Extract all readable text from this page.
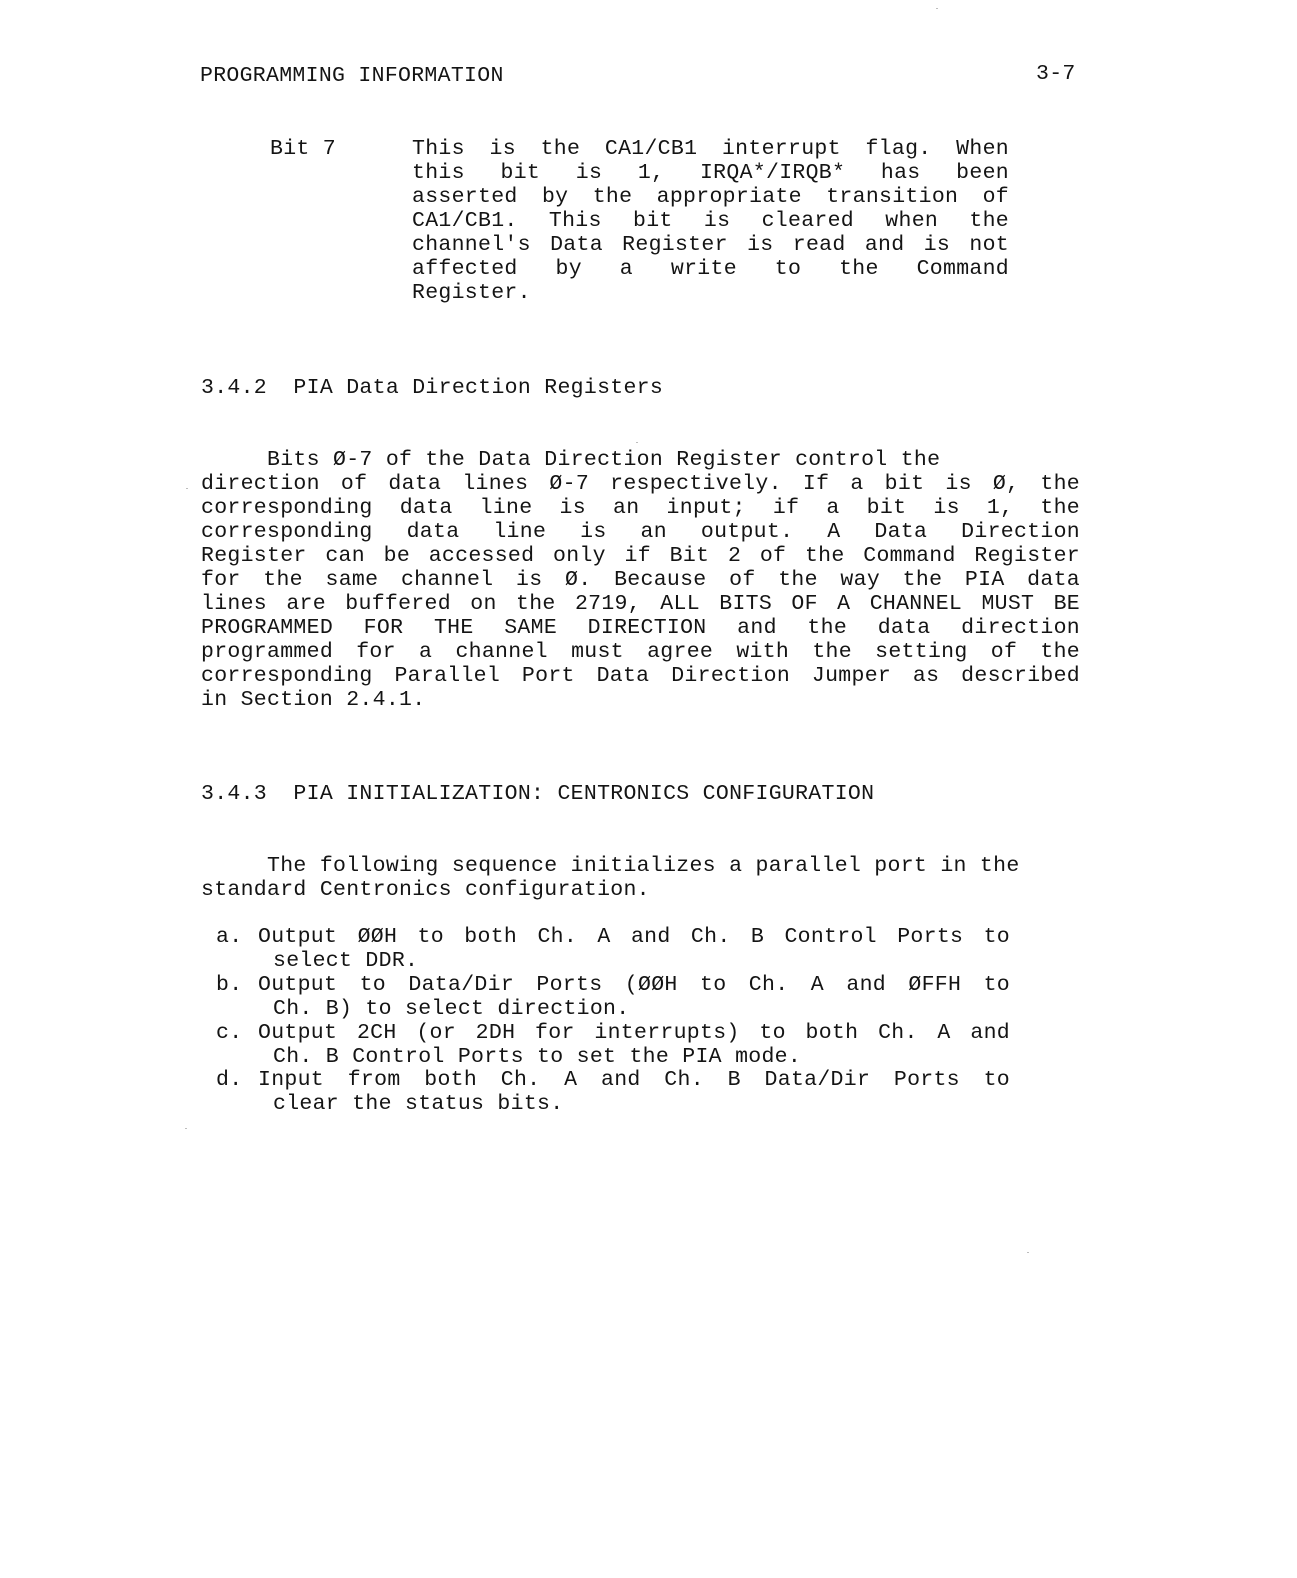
PROGRAMMING INFORMATION	3-7
Bit 7	This is the CA1/CB1 interrupt flag. When
this bit is 1, IRQA*/IRQB* has been
asserted by the appropriate transition of
CA1/CB1. This bit is cleared when the
channel's Data Register is read and is not
affected by a write to the Command
Register.
3.4.2  PIA Data Direction Registers
Bits Ø-7 of the Data Direction Register control the
direction of data lines Ø-7 respectively. If a bit is Ø, the
corresponding data line is an input; if a bit is 1, the
corresponding data line is an output. A Data Direction
Register can be accessed only if Bit 2 of the Command Register
for the same channel is Ø. Because of the way the PIA data
lines are buffered on the 2719, ALL BITS OF A CHANNEL MUST BE
PROGRAMMED FOR THE SAME DIRECTION and the data direction
programmed for a channel must agree with the setting of the
corresponding Parallel Port Data Direction Jumper as described
in Section 2.4.1.
3.4.3  PIA INITIALIZATION: CENTRONICS CONFIGURATION
The following sequence initializes a parallel port in the
standard Centronics configuration.
a. Output ØØH to both Ch. A and Ch. B Control Ports to
select DDR.
b. Output to Data/Dir Ports (ØØH to Ch. A and ØFFH to
Ch. B) to select direction.
c. Output 2CH (or 2DH for interrupts) to both Ch. A and
Ch. B Control Ports to set the PIA mode.
d. Input from both Ch. A and Ch. B Data/Dir Ports to
clear the status bits.
